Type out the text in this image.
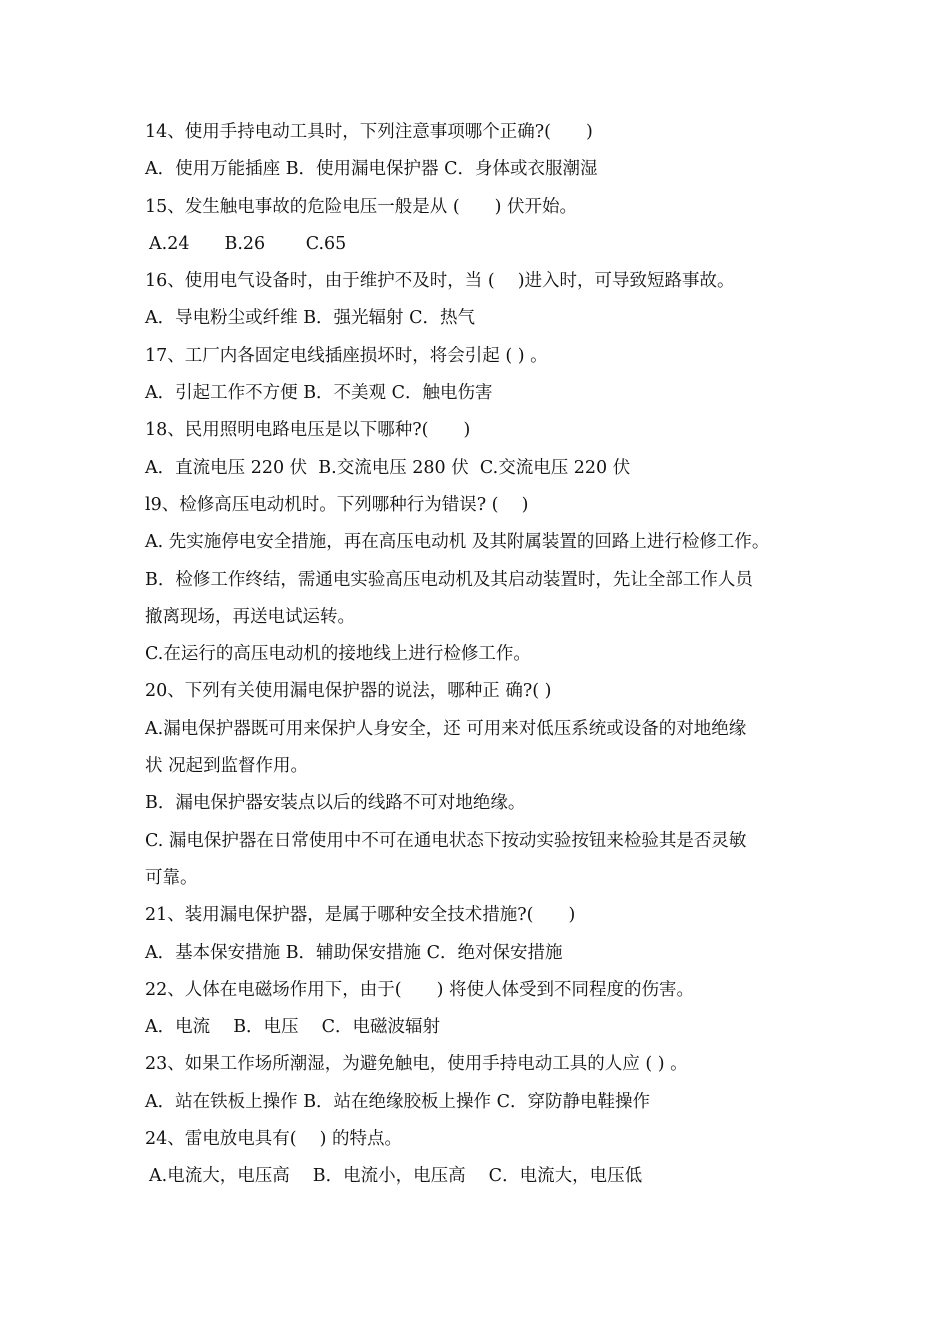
14、使用手持电动工具时，下列注意事项哪个正确?(　　)
A．使用万能插座 B．使用漏电保护器 C．身体或衣服潮湿
15、发生触电事故的危险电压一般是从 (　　) 伏开始。
A.24　　B.26　　 C.65
16、使用电气设备时，由于维护不及时，当 (　 )进入时，可导致短路事故。
A．导电粉尘或纤维 B．强光辐射 C．热气
17、工厂内各固定电线插座损坏时，将会引起 ( ) 。
A．引起工作不方便 B．不美观 C．触电伤害
18、民用照明电路电压是以下哪种?(　　)
A．直流电压 220 伏  B.交流电压 280 伏  C.交流电压 220 伏
l9、检修高压电动机时。下列哪种行为错误? (　 )
A. 先实施停电安全措施，再在高压电动机 及其附属装置的回路上进行检修工作。
B．检修工作终结，需通电实验高压电动机及其启动装置时，先让全部工作人员
撤离现场，再送电试运转。
C.在运行的高压电动机的接地线上进行检修工作。
20、下列有关使用漏电保护器的说法，哪种正 确?( )
A.漏电保护器既可用来保护人身安全，还 可用来对低压系统或设备的对地绝缘
状 况起到监督作用。
B．漏电保护器安装点以后的线路不可对地绝缘。
C. 漏电保护器在日常使用中不可在通电状态下按动实验按钮来检验其是否灵敏
可靠。
21、装用漏电保护器，是属于哪种安全技术措施?(　　)
A．基本保安措施 B．辅助保安措施 C．绝对保安措施
22、人体在电磁场作用下，由于(　　) 将使人体受到不同程度的伤害。
A．电流　 B．电压　 C．电磁波辐射
23、如果工作场所潮湿，为避免触电，使用手持电动工具的人应 ( ) 。
A．站在铁板上操作 B．站在绝缘胶板上操作 C．穿防静电鞋操作
24、雷电放电具有(　 ) 的特点。
A.电流大，电压高　 B．电流小，电压高　 C．电流大，电压低
